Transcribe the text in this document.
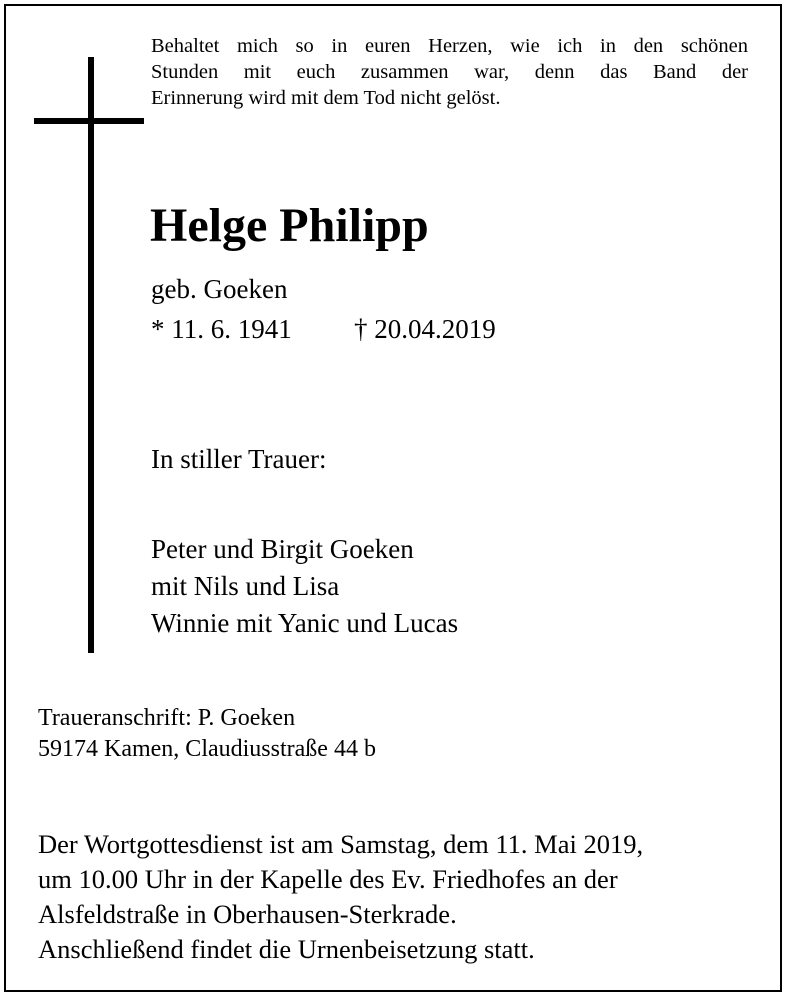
Behaltet mich so in euren Herzen, wie ich in den schönen
Stunden mit euch zusammen war, denn das Band der
Erinnerung wird mit dem Tod nicht gelöst.
Helge Philipp
geb. Goeken
* 11. 6. 1941 † 20.04.2019
In stiller Trauer:
Peter und Birgit Goeken
mit Nils und Lisa
Winnie mit Yanic und Lucas
Traueranschrift: P. Goeken
59174 Kamen, Claudiusstraße 44 b
Der Wortgottesdienst ist am Samstag, dem 11. Mai 2019,
um 10.00 Uhr in der Kapelle des Ev. Friedhofes an der
Alsfeldstraße in Oberhausen-Sterkrade.
Anschließend findet die Urnenbeisetzung statt.
